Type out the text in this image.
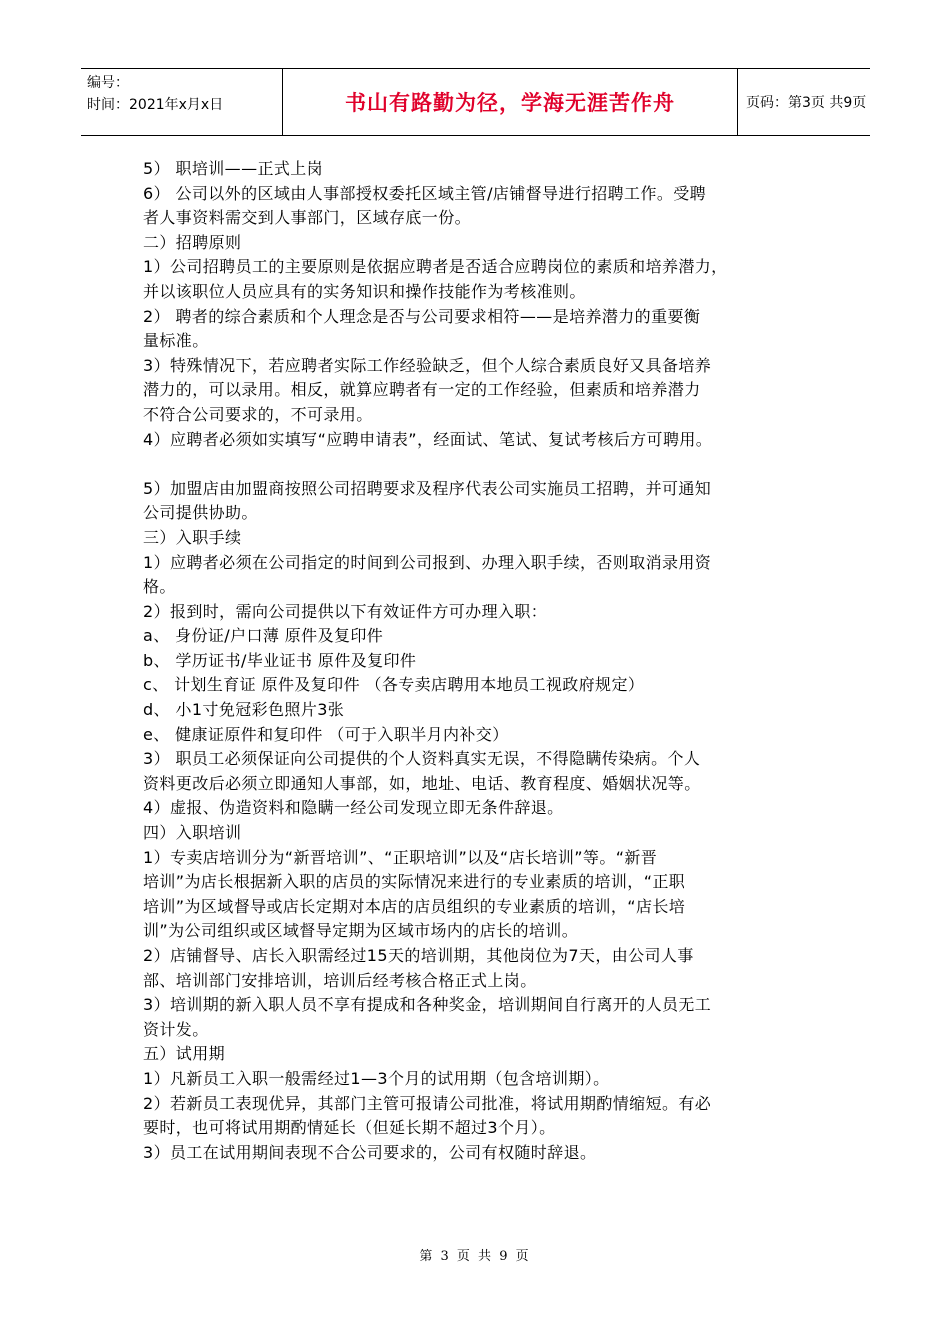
编号：
时间：2021年x月x日	书山有路勤为径，学海无涯苦作舟	页码：第3页 共9页
5） 职培训——正式上岗
6） 公司以外的区域由人事部授权委托区域主管/店铺督导进行招聘工作。受聘
者人事资料需交到人事部门，区域存底一份。
二）招聘原则
1）公司招聘员工的主要原则是依据应聘者是否适合应聘岗位的素质和培养潜力，
并以该职位人员应具有的实务知识和操作技能作为考核准则。
2） 聘者的综合素质和个人理念是否与公司要求相符——是培养潜力的重要衡
量标准。
3）特殊情况下，若应聘者实际工作经验缺乏，但个人综合素质良好又具备培养
潜力的，可以录用。相反，就算应聘者有一定的工作经验，但素质和培养潜力
不符合公司要求的，不可录用。
4）应聘者必须如实填写“应聘申请表”，经面试、笔试、复试考核后方可聘用。
5）加盟店由加盟商按照公司招聘要求及程序代表公司实施员工招聘，并可通知
公司提供协助。
三）入职手续
1）应聘者必须在公司指定的时间到公司报到、办理入职手续，否则取消录用资
格。
2）报到时，需向公司提供以下有效证件方可办理入职：
a、 身份证/户口薄 原件及复印件
b、 学历证书/毕业证书 原件及复印件
c、 计划生育证 原件及复印件 （各专卖店聘用本地员工视政府规定）
d、 小1寸免冠彩色照片3张
e、 健康证原件和复印件 （可于入职半月内补交）
3） 职员工必须保证向公司提供的个人资料真实无误，不得隐瞒传染病。个人
资料更改后必须立即通知人事部，如，地址、电话、教育程度、婚姻状况等。
4）虚报、伪造资料和隐瞒一经公司发现立即无条件辞退。
四）入职培训
1）专卖店培训分为“新晋培训”、“正职培训”以及“店长培训”等。“新晋
培训”为店长根据新入职的店员的实际情况来进行的专业素质的培训，“正职
培训”为区域督导或店长定期对本店的店员组织的专业素质的培训，“店长培
训”为公司组织或区域督导定期为区域市场内的店长的培训。
2）店铺督导、店长入职需经过15天的培训期，其他岗位为7天，由公司人事
部、培训部门安排培训，培训后经考核合格正式上岗。
3）培训期的新入职人员不享有提成和各种奖金，培训期间自行离开的人员无工
资计发。
五）试用期
1）凡新员工入职一般需经过1—3个月的试用期（包含培训期）。
2）若新员工表现优异，其部门主管可报请公司批准，将试用期酌情缩短。有必
要时，也可将试用期酌情延长（但延长期不超过3个月）。
3）员工在试用期间表现不合公司要求的，公司有权随时辞退。
第 3 页 共 9 页
